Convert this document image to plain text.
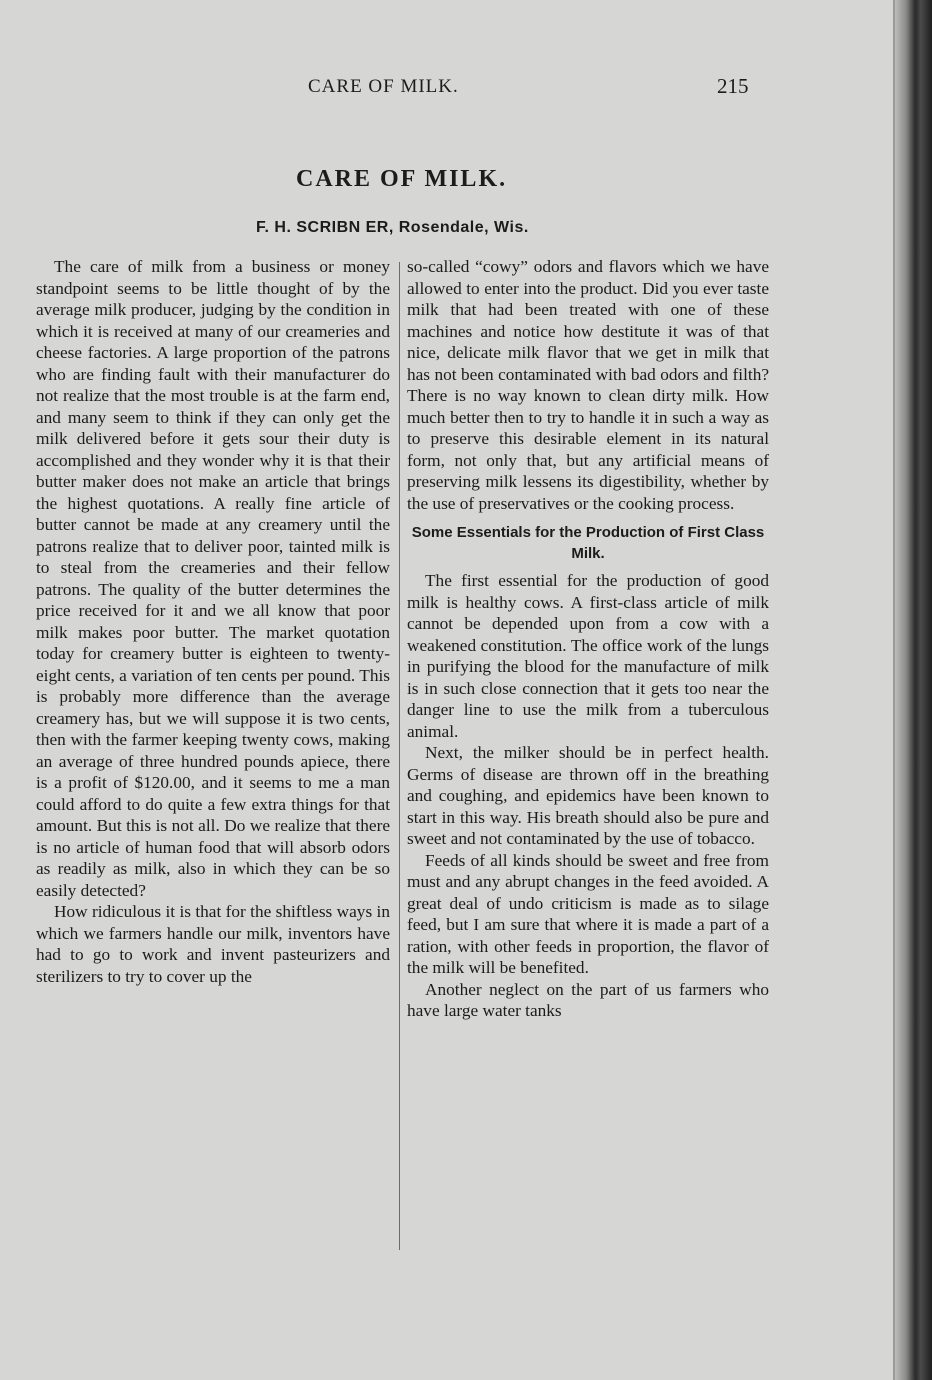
CARE OF MILK.	215
CARE OF MILK.
F. H. SCRIBN ER, Rosendale, Wis.

The care of milk from a business or money standpoint seems to be little thought of by the average milk producer, judging by the condition in which it is received at many of our creameries and cheese factories. A large proportion of the patrons who are finding fault with their manufacturer do not realize that the most trouble is at the farm end, and many seem to think if they can only get the milk delivered before it gets sour their duty is accomplished and they wonder why it is that their butter maker does not make an article that brings the highest quotations. A really fine article of butter cannot be made at any creamery until the patrons realize that to deliver poor, tainted milk is to steal from the creameries and their fellow patrons. The quality of the butter determines the price received for it and we all know that poor milk makes poor butter. The market quotation today for creamery butter is eighteen to twenty-eight cents, a variation of ten cents per pound. This is probably more difference than the average creamery has, but we will suppose it is two cents, then with the farmer keeping twenty cows, making an average of three hundred pounds apiece, there is a profit of $120.00, and it seems to me a man could afford to do quite a few extra things for that amount. But this is not all. Do we realize that there is no article of human food that will absorb odors as readily as milk, also in which they can be so easily detected?

How ridiculous it is that for the shiftless ways in which we farmers handle our milk, inventors have had to go to work and invent pasteurizers and sterilizers to try to cover up the

so-called “cowy” odors and flavors which we have allowed to enter into the product. Did you ever taste milk that had been treated with one of these machines and notice how destitute it was of that nice, delicate milk flavor that we get in milk that has not been contaminated with bad odors and filth? There is no way known to clean dirty milk. How much better then to try to handle it in such a way as to preserve this desirable element in its natural form, not only that, but any artificial means of preserving milk lessens its digestibility, whether by the use of preservatives or the cooking process.

Some Essentials for the Production of First Class Milk.

The first essential for the production of good milk is healthy cows. A first-class article of milk cannot be depended upon from a cow with a weakened constitution. The office work of the lungs in purifying the blood for the manufacture of milk is in such close connection that it gets too near the danger line to use the milk from a tuberculous animal.

Next, the milker should be in perfect health. Germs of disease are thrown off in the breathing and coughing, and epidemics have been known to start in this way. His breath should also be pure and sweet and not contaminated by the use of tobacco.

Feeds of all kinds should be sweet and free from must and any abrupt changes in the feed avoided. A great deal of undo criticism is made as to silage feed, but I am sure that where it is made a part of a ration, with other feeds in proportion, the flavor of the milk will be benefited.

Another neglect on the part of us farmers who have large water tanks
